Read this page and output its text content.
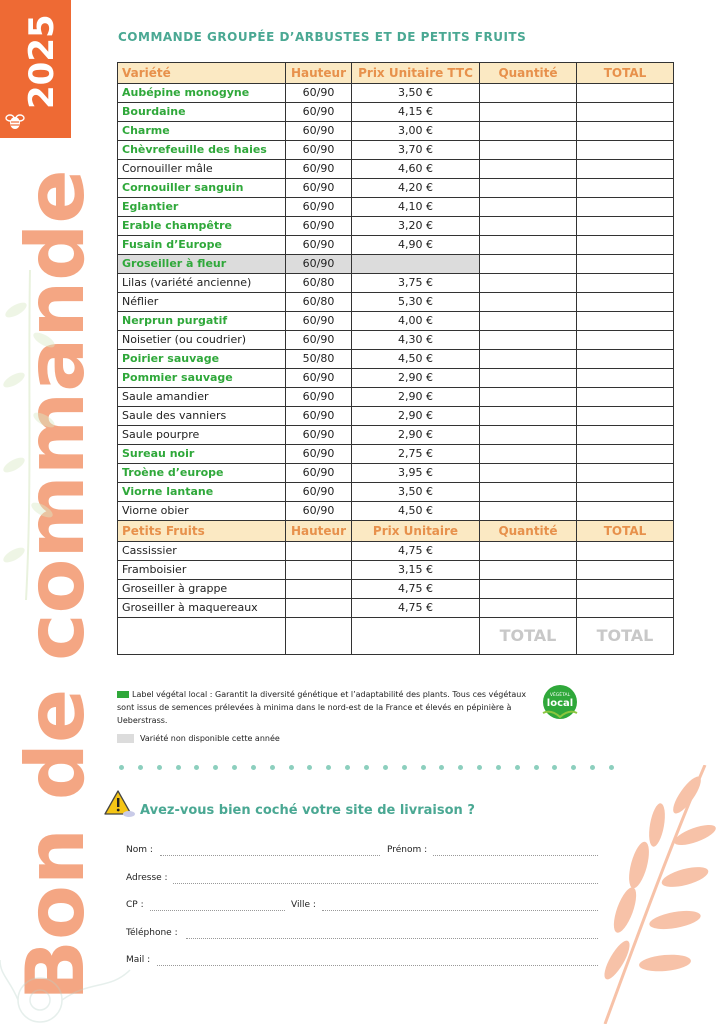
2025
Bon de commande
COMMANDE GROUPÉE D’ARBUSTES ET DE PETITS FRUITS
Variété	Hauteur	Prix Unitaire TTC	Quantité	TOTAL
Aubépine monogyne	60/90	3,50 €		
Bourdaine	60/90	4,15 €		
Charme	60/90	3,00 €		
Chèvrefeuille des haies	60/90	3,70 €		
Cornouiller mâle	60/90	4,60 €		
Cornouiller sanguin	60/90	4,20 €		
Eglantier	60/90	4,10 €		
Erable champêtre	60/90	3,20 €		
Fusain d’Europe	60/90	4,90 €		
Groseiller à fleur	60/90			
Lilas (variété ancienne)	60/80	3,75 €		
Néflier	60/80	5,30 €		
Nerprun purgatif	60/90	4,00 €		
Noisetier (ou coudrier)	60/90	4,30 €		
Poirier sauvage	50/80	4,50 €		
Pommier sauvage	60/90	2,90 €		
Saule amandier	60/90	2,90 €		
Saule des vanniers	60/90	2,90 €		
Saule pourpre	60/90	2,90 €		
Sureau noir	60/90	2,75 €		
Troène d’europe	60/90	3,95 €		
Viorne lantane	60/90	3,50 €		
Viorne obier	60/90	4,50 €		
Petits Fruits	Hauteur	Prix Unitaire	Quantité	TOTAL
Cassissier		4,75 €		
Framboisier		3,15 €		
Groseiller à grappe		4,75 €		
Groseiller à maquereaux		4,75 €		
			TOTAL	TOTAL
Label végétal local : Garantit la diversité génétique et l’adaptabilité des plants. Tous ces végétaux sont issus de semences prélevées à minima dans le nord-est de la France et élevés en pépinière à Ueberstrass.
VÉGÉTAL
local
Variété non disponible cette année
Avez-vous bien coché votre site de livraison ?
Nom :	Prénom :
Adresse :
CP :	Ville :
Téléphone :
Mail :
